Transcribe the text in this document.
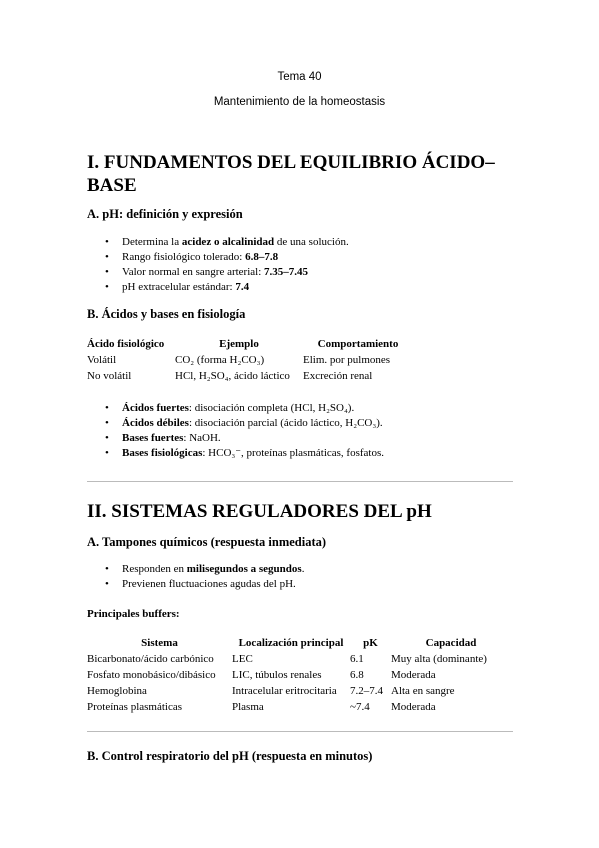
Tema 40
Mantenimiento de la homeostasis
I. FUNDAMENTOS DEL EQUILIBRIO ÁCIDO–
BASE
A. pH: definición y expresión
• Determina la acidez o alcalinidad de una solución.
• Rango fisiológico tolerado: 6.8–7.8
• Valor normal en sangre arterial: 7.35–7.45
• pH extracelular estándar: 7.4
B. Ácidos y bases en fisiología
Ácido fisiológico	Ejemplo	Comportamiento
Volátil	CO₂ (forma H₂CO₃)	Elim. por pulmones
No volátil	HCl, H₂SO₄, ácido láctico	Excreción renal
• Ácidos fuertes: disociación completa (HCl, H₂SO₄).
• Ácidos débiles: disociación parcial (ácido láctico, H₂CO₃).
• Bases fuertes: NaOH.
• Bases fisiológicas: HCO₃⁻, proteínas plasmáticas, fosfatos.
II. SISTEMAS REGULADORES DEL pH
A. Tampones químicos (respuesta inmediata)
• Responden en milisegundos a segundos.
• Previenen fluctuaciones agudas del pH.
Principales buffers:
Sistema	Localización principal	pK	Capacidad
Bicarbonato/ácido carbónico	LEC	6.1	Muy alta (dominante)
Fosfato monobásico/dibásico	LIC, túbulos renales	6.8	Moderada
Hemoglobina	Intracelular eritrocitaria	7.2–7.4	Alta en sangre
Proteínas plasmáticas	Plasma	~7.4	Moderada
B. Control respiratorio del pH (respuesta en minutos)
